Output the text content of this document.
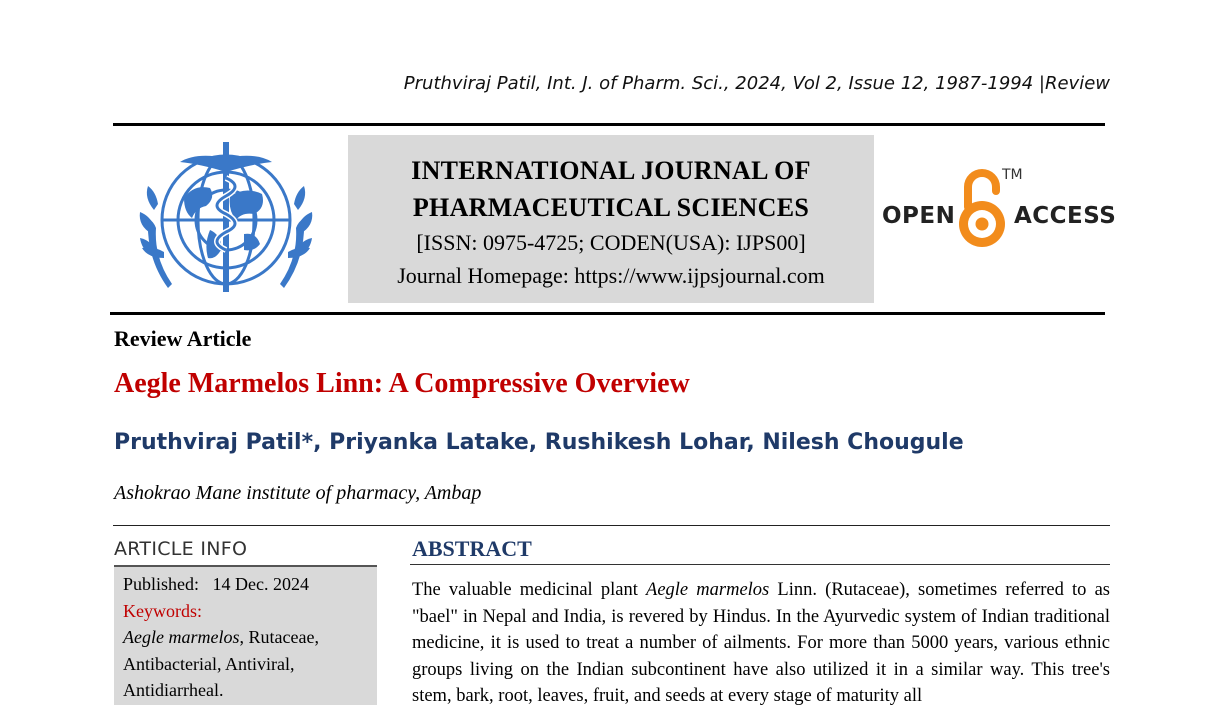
Pruthviraj Patil, Int. J. of Pharm. Sci., 2024, Vol 2, Issue 12, 1987-1994 |Review
INTERNATIONAL JOURNAL OF
PHARMACEUTICAL SCIENCES
[ISSN: 0975-4725; CODEN(USA): IJPS00]
Journal Homepage: https://www.ijpsjournal.com
OPEN
TM
ACCESS
Review Article
Aegle Marmelos Linn: A Compressive Overview
Pruthviraj Patil*, Priyanka Latake, Rushikesh Lohar, Nilesh Chougule
Ashokrao Mane institute of pharmacy, Ambap
ARTICLE INFO
Published: 14 Dec. 2024
Keywords:
Aegle marmelos, Rutaceae, Antibacterial, Antiviral, Antidiarrheal.
ABSTRACT
The valuable medicinal plant Aegle marmelos Linn. (Rutaceae), sometimes referred to as "bael" in Nepal and India, is revered by Hindus. In the Ayurvedic system of Indian traditional medicine, it is used to treat a number of ailments. For more than 5000 years, various ethnic groups living on the Indian subcontinent have also utilized it in a similar way. This tree's stem, bark, root, leaves, fruit, and seeds at every stage of maturity all
